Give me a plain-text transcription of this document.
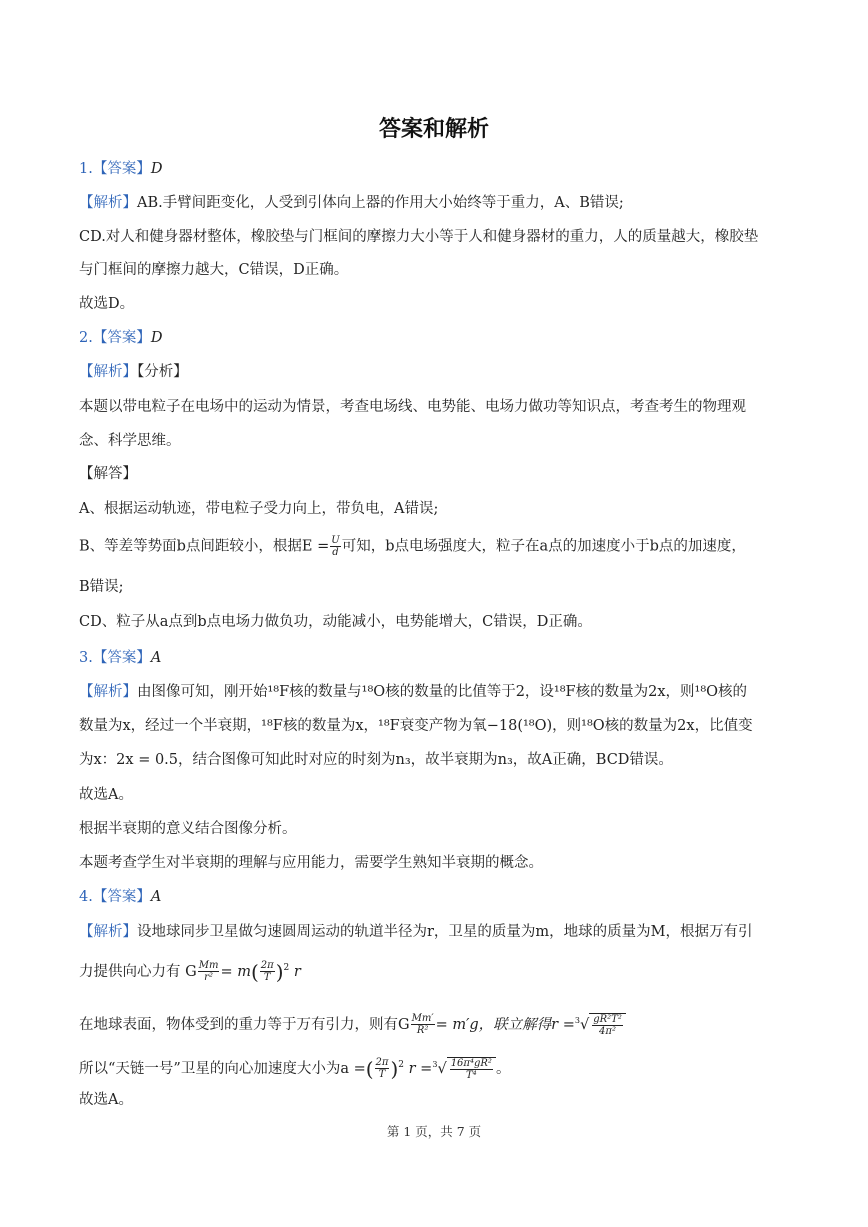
答案和解析
1.【答案】D
【解析】AB.手臂间距变化，人受到引体向上器的作用大小始终等于重力，A、B错误;
CD.对人和健身器材整体，橡胶垫与门框间的摩擦力大小等于人和健身器材的重力，人的质量越大，橡胶垫
与门框间的摩擦力越大，C错误，D正确。
故选D。
2.【答案】D
【解析】【分析】
本题以带电粒子在电场中的运动为情景，考查电场线、电势能、电场力做功等知识点，考查考生的物理观
念、科学思维。
【解答】
A、根据运动轨迹，带电粒子受力向上，带负电，A错误;
B、等差等势面b点间距较小，根据$E = \frac{U}{d}$ 可知，b点电场强度大，粒子在a点的加速度小于b点的加速度，
B错误;
CD、粒子从a点到b点电场力做负功，动能减小，电势能增大，C错误，D正确。
3.【答案】A
【解析】由图像可知，刚开始¹⁸F核的数量与¹⁸O核的数量的比值等于2，设¹⁸F核的数量为2x，则¹⁸O核的
数量为x，经过一个半衰期，¹⁸F核的数量为x，¹⁸F衰变产物为氧−18(¹⁸O)，则¹⁸O核的数量为2x，比值变
为x：2x = 0.5，结合图像可知此时对应的时刻为n₃，故半衰期为n₃，故A正确，BCD错误。
故选A。
根据半衰期的意义结合图像分析。
本题考查学生对半衰期的理解与应用能力，需要学生熟知半衰期的概念。
4.【答案】A
【解析】设地球同步卫星做匀速圆周运动的轨道半径为r，卫星的质量为m，地球的质量为M，根据万有引
力提供向心力有 G $\frac{Mm}{\text{r²}} = m( \frac{2\pi}{T} )^2$ r
在地球表面，物体受到的重力等于万有引力，则有G $\frac{Mm'}{\text{R²}} = m'g$，联立解得$r =^3√ \frac{\text{gR²T²}}{\text{4π²}}$
所以“天链一号”卫星的向心加速度大小为a =( $\frac{2\pi}{T} )^2$ $r =^3√ \frac{\text{16π⁴gR²}}{\text{T⁴}}$ 。
故选A。
第 1 页，共 7 页
